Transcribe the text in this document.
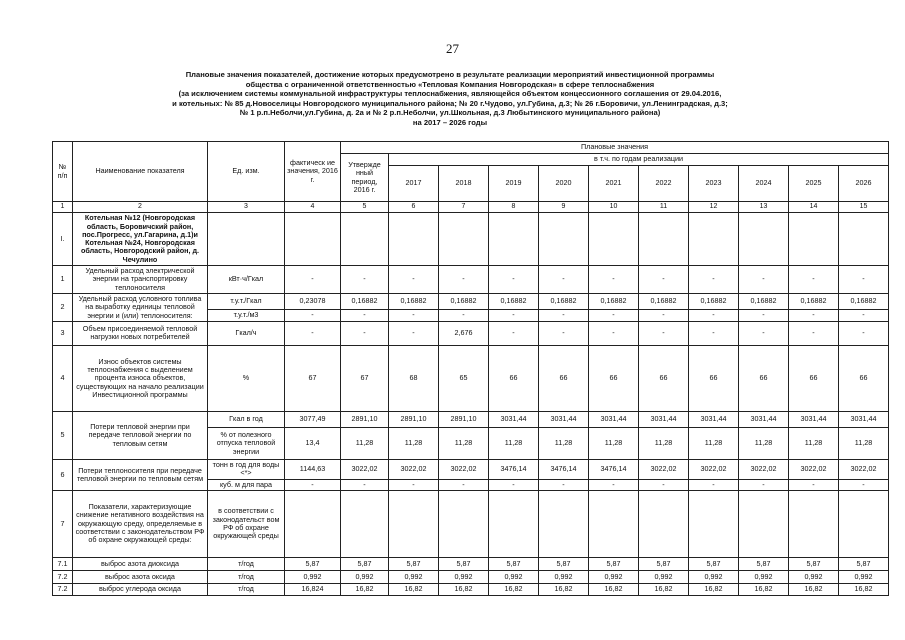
27
Плановые значения показателей, достижение которых предусмотрено в результате реализации мероприятий инвестиционной программы
общества с ограниченной ответственностью «Тепловая Компания Новгородская» в сфере теплоснабжения
(за исключением системы коммунальной инфраструктуры теплоснабжения, являющейся объектом концессионного соглашения от 29.04.2016,
и котельных: № 85 д.Новоселицы Новгородского муниципального района; № 20 г.Чудово, ул.Губина, д.3; № 26 г.Боровичи, ул.Ленинградская, д.3;
№ 1 р.п.Неболчи,ул.Губина, д. 2а и № 2 р.п.Неболчи, ул.Школьная, д.3 Любытинского муниципального района)
на 2017 – 2026 годы
№ п/п	Наименование показателя	Ед. изм.	фактическ ие значения, 2016 г.	Плановые значения										
				Утвержде нный период, 2016 г.	в т.ч. по годам реализации									
					2017	2018	2019	2020	2021	2022	2023	2024	2025	2026
1	2	3	4	5	6	7	8	9	10	11	12	13	14	15
I.	Котельная №12 (Новгородская область, Боровичский район, пос.Прогресс, ул.Гагарина, д.1)и Котельная №24, Новгородская область, Новгородский район, д. Чечулино													
1	Удельный расход электрической энергии на транспортировку теплоносителя	кВт·ч/Гкал	-	-	-	-	-	-	-	-	-	-	-	-
2	Удельный расход условного топлива на выработку единицы тепловой энергии и (или) теплоносителя:	т.у.т./Гкал	0,23078	0,16882	0,16882	0,16882	0,16882	0,16882	0,16882	0,16882	0,16882	0,16882	0,16882	0,16882
		т.у.т./м3	-	-	-	-	-	-	-	-	-	-	-	-
3	Объем присоединяемой тепловой нагрузки новых потребителей	Гкал/ч	-	-	-	2,676	-	-	-	-	-	-	-	-
4	Износ объектов системы теплоснабжения с выделением процента износа объектов, существующих на начало реализации Инвестиционной программы	%	67	67	68	65	66	66	66	66	66	66	66	66
5	Потери тепловой энергии при передаче тепловой энергии по тепловым сетям	Гкал в год	3077,49	2891,10	2891,10	2891,10	3031,44	3031,44	3031,44	3031,44	3031,44	3031,44	3031,44	3031,44
		% от полезного отпуска тепловой энергии	13,4	11,28	11,28	11,28	11,28	11,28	11,28	11,28	11,28	11,28	11,28	11,28
6	Потери теплоносителя при передаче тепловой энергии по тепловым сетям	тонн в год для воды <*>	1144,63	3022,02	3022,02	3022,02	3476,14	3476,14	3476,14	3022,02	3022,02	3022,02	3022,02	3022,02
		куб. м для пара	-	-	-	-	-	-	-	-	-	-	-	-
7	Показатели, характеризующие снижение негативного воздействия на окружающую среду, определяемые в соответствии с законодательством РФ об охране окружающей среды:	в соответствии с законодательст вом РФ об охране окружающей среды												
7.1	выброс азота диоксида	т/год	5,87	5,87	5,87	5,87	5,87	5,87	5,87	5,87	5,87	5,87	5,87	5,87
7.2	выброс азота оксида	т/год	0,992	0,992	0,992	0,992	0,992	0,992	0,992	0,992	0,992	0,992	0,992	0,992
7.2	выброс углерода оксида	т/год	16,824	16,82	16,82	16,82	16,82	16,82	16,82	16,82	16,82	16,82	16,82	16,82
